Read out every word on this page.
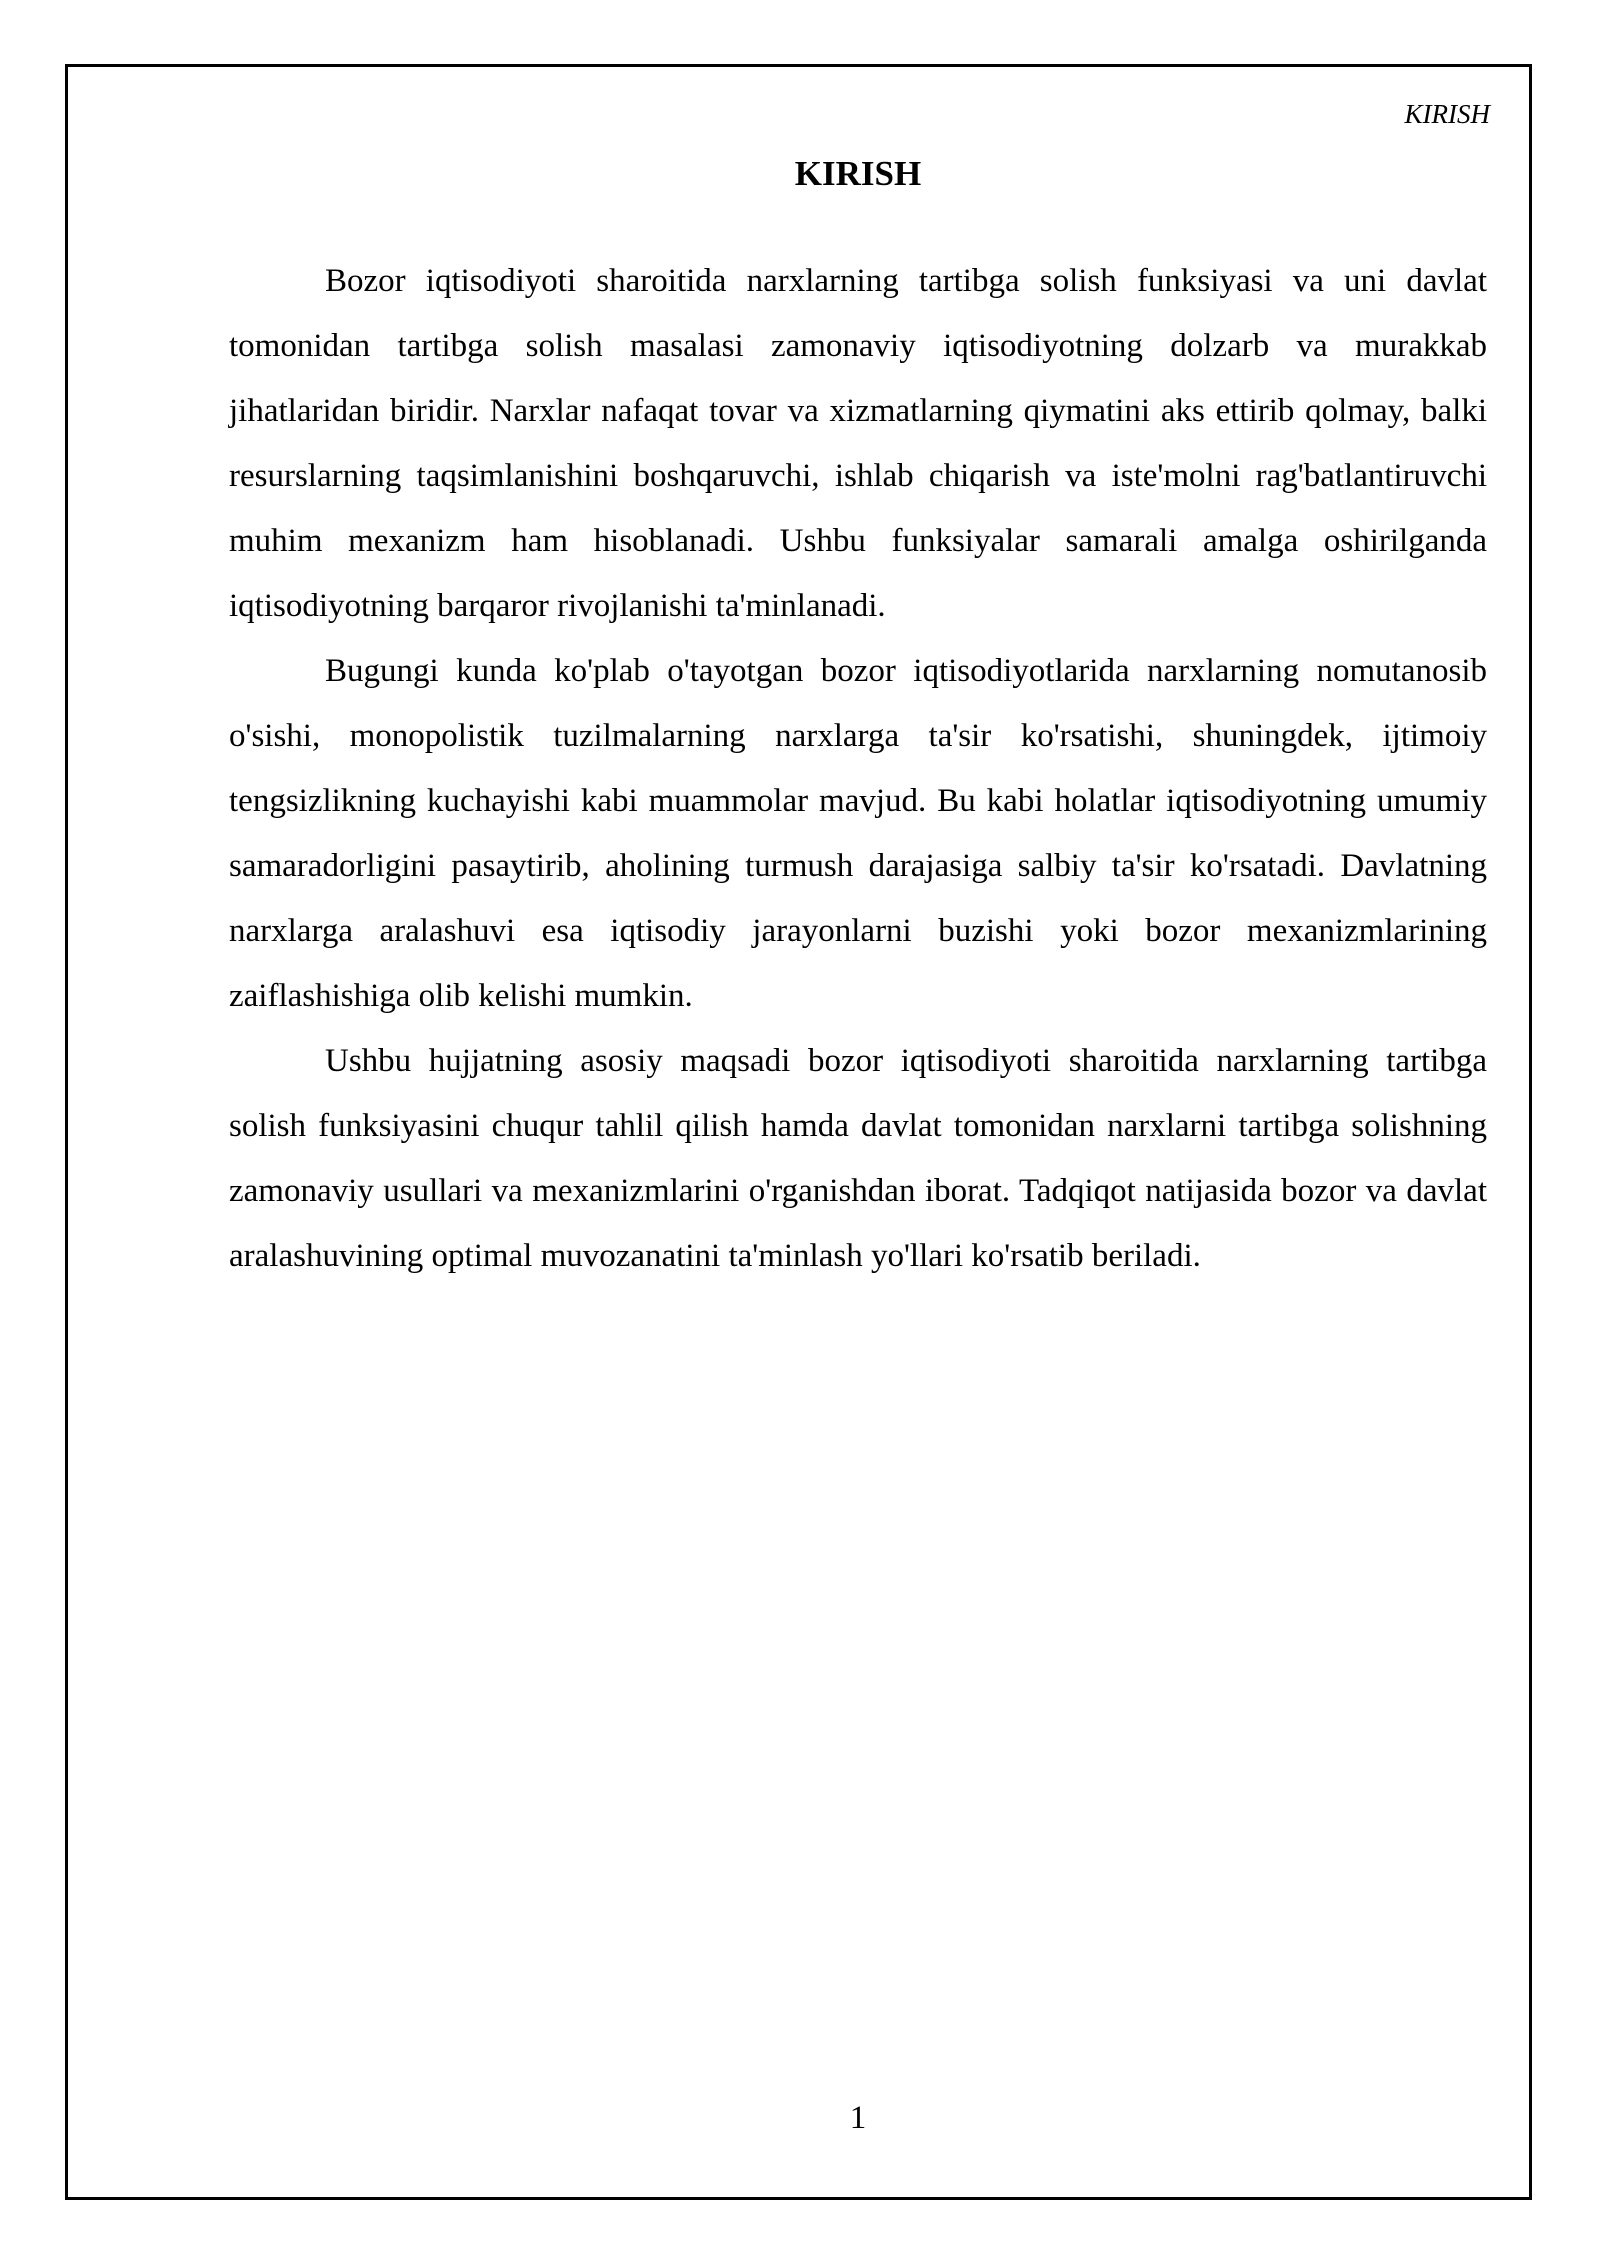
KIRISH
KIRISH

Bozor iqtisodiyoti sharoitida narxlarning tartibga solish funksiyasi va uni davlat tomonidan tartibga solish masalasi zamonaviy iqtisodiyotning dolzarb va murakkab jihatlaridan biridir. Narxlar nafaqat tovar va xizmatlarning qiymatini aks ettirib qolmay, balki resurslarning taqsimlanishini boshqaruvchi, ishlab chiqarish va iste'molni rag'batlantiruvchi muhim mexanizm ham hisoblanadi. Ushbu funksiyalar samarali amalga oshirilganda iqtisodiyotning barqaror rivojlanishi ta'minlanadi.

Bugungi kunda ko'plab o'tayotgan bozor iqtisodiyotlarida narxlarning nomutanosib o'sishi, monopolistik tuzilmalarning narxlarga ta'sir ko'rsatishi, shuningdek, ijtimoiy tengsizlikning kuchayishi kabi muammolar mavjud. Bu kabi holatlar iqtisodiyotning umumiy samaradorligini pasaytirib, aholining turmush darajasiga salbiy ta'sir ko'rsatadi. Davlatning narxlarga aralashuvi esa iqtisodiy jarayonlarni buzishi yoki bozor mexanizmlarining zaiflashishiga olib kelishi mumkin.

Ushbu hujjatning asosiy maqsadi bozor iqtisodiyoti sharoitida narxlarning tartibga solish funksiyasini chuqur tahlil qilish hamda davlat tomonidan narxlarni tartibga solishning zamonaviy usullari va mexanizmlarini o'rganishdan iborat. Tadqiqot natijasida bozor va davlat aralashuvining optimal muvozanatini ta'minlash yo'llari ko'rsatib beriladi.

1
